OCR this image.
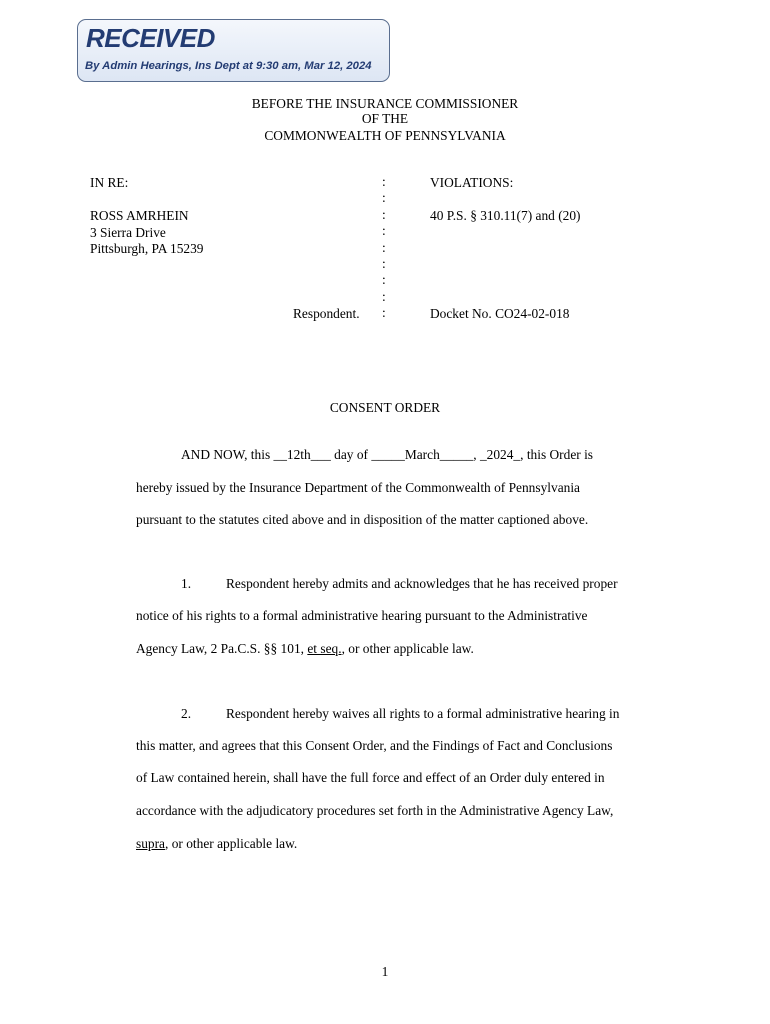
RECEIVED
By Admin Hearings, Ins Dept at 9:30 am, Mar 12, 2024
BEFORE THE INSURANCE COMMISSIONER
OF THE
COMMONWEALTH OF PENNSYLVANIA
IN RE:
ROSS AMRHEIN
3 Sierra Drive
Pittsburgh, PA 15239
Respondent.
:
:
:
:
:
:
:
:
:
VIOLATIONS:
40 P.S. § 310.11(7) and (20)
Docket No. CO24-02-018
CONSENT ORDER
AND NOW, this __12th___ day of _____March_____, _2024_, this Order is
hereby issued by the Insurance Department of the Commonwealth of Pennsylvania
pursuant to the statutes cited above and in disposition of the matter captioned above.
1.	Respondent hereby admits and acknowledges that he has received proper
notice of his rights to a formal administrative hearing pursuant to the Administrative
Agency Law, 2 Pa.C.S. §§ 101, et seq., or other applicable law.
2.	Respondent hereby waives all rights to a formal administrative hearing in
this matter, and agrees that this Consent Order, and the Findings of Fact and Conclusions
of Law contained herein, shall have the full force and effect of an Order duly entered in
accordance with the adjudicatory procedures set forth in the Administrative Agency Law,
supra, or other applicable law.
1
